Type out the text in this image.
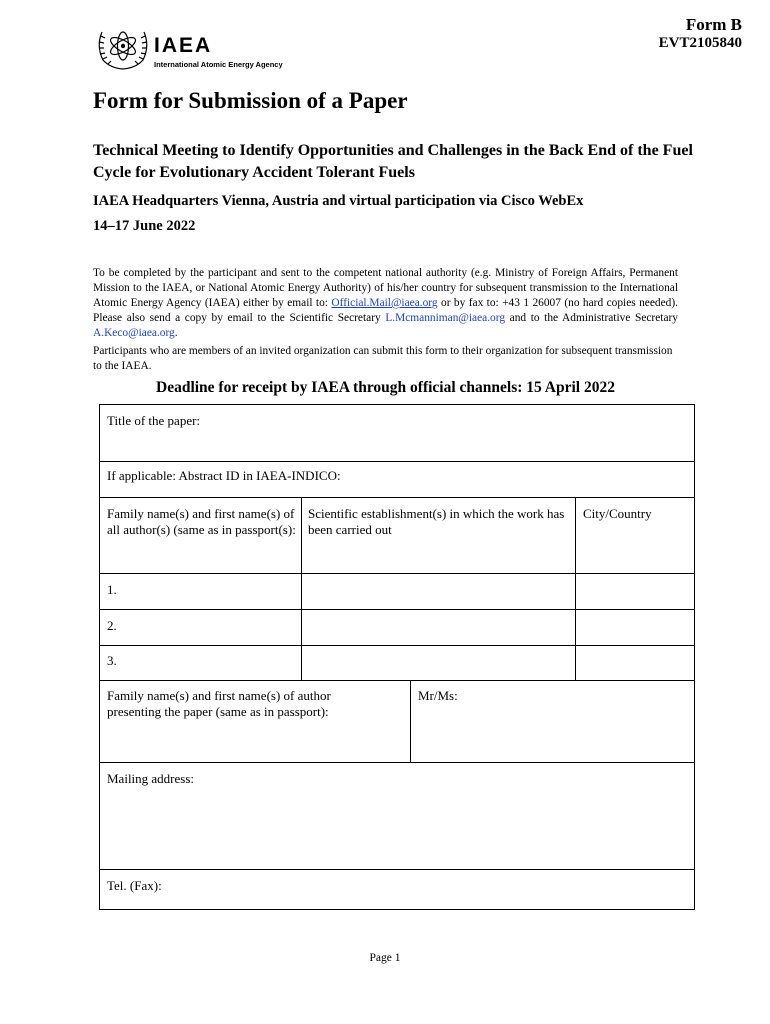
IAEA
International Atomic Energy Agency
Form B
EVT2105840
Form for Submission of a Paper
Technical Meeting to Identify Opportunities and Challenges in the Back End of the Fuel Cycle for Evolutionary Accident Tolerant Fuels
IAEA Headquarters Vienna, Austria and virtual participation via Cisco WebEx
14–17 June 2022

To be completed by the participant and sent to the competent national authority (e.g. Ministry of Foreign Affairs, Permanent Mission to the IAEA, or National Atomic Energy Authority) of his/her country for subsequent transmission to the International Atomic Energy Agency (IAEA) either by email to: Official.Mail@iaea.org or by fax to: +43 1 26007 (no hard copies needed). Please also send a copy by email to the Scientific Secretary L.Mcmanniman@iaea.org and to the Administrative Secretary A.Keco@iaea.org.

Participants who are members of an invited organization can submit this form to their organization for subsequent transmission to the IAEA.

Deadline for receipt by IAEA through official channels: 15 April 2022
Title of the paper:
If applicable: Abstract ID in IAEA-INDICO:
Family name(s) and first name(s) of all author(s) (same as in passport(s):
Scientific establishment(s) in which the work has been carried out
City/Country
1.
2.
3.
Family name(s) and first name(s) of author presenting the paper (same as in passport):
Mr/Ms:
Mailing address:
Tel. (Fax):
Page 1
